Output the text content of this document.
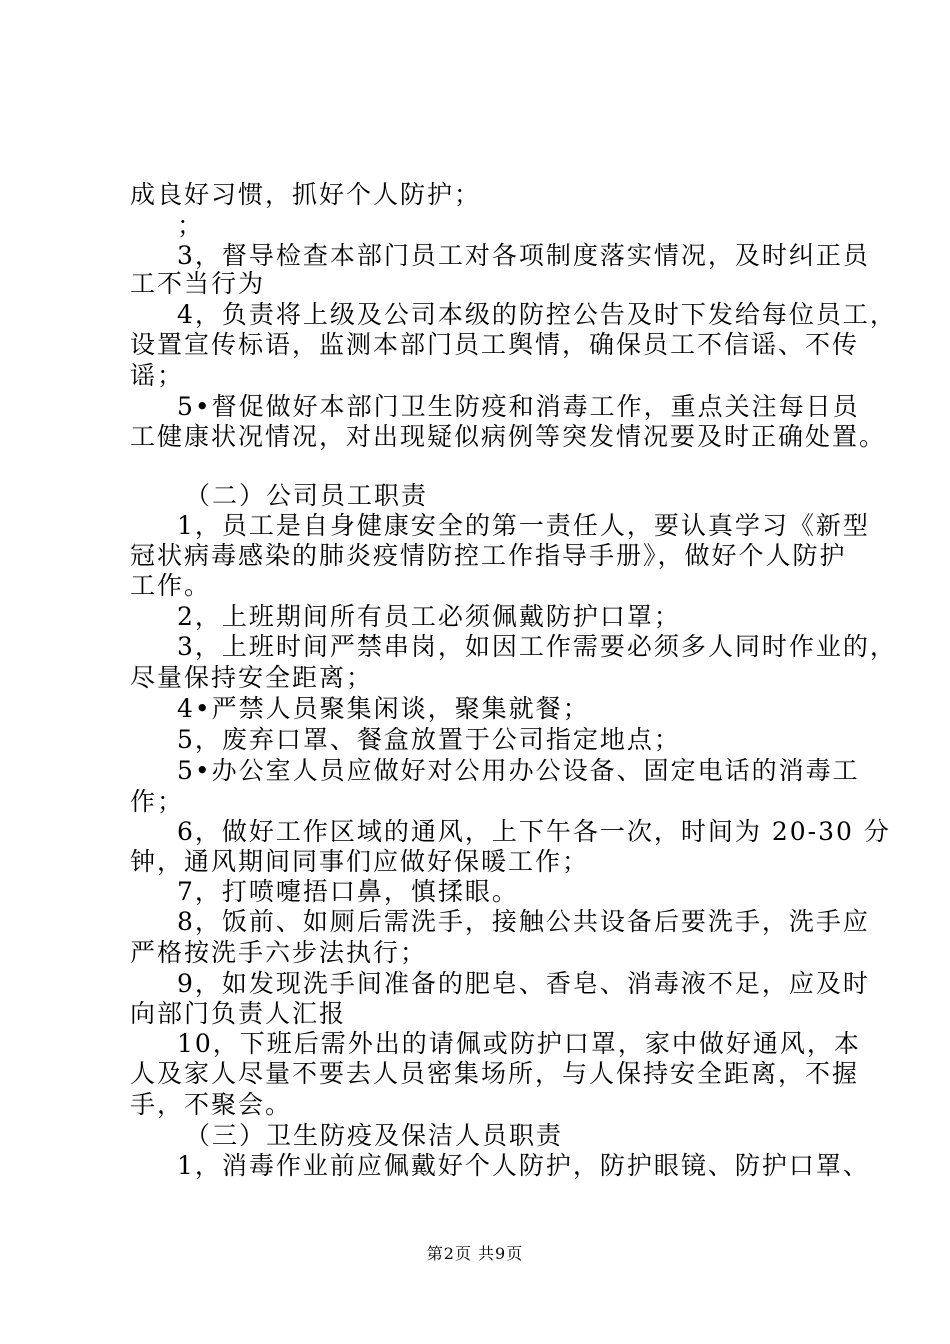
成良好习惯，抓好个人防护；
；
3，督导检查本部门员工对各项制度落实情况，及时纠正员
工不当行为
4，负责将上级及公司本级的防控公告及时下发给每位员工，
设置宣传标语，监测本部门员工舆情，确保员工不信谣、不传
谣；
5•督促做好本部门卫生防疫和消毒工作，重点关注每日员
工健康状况情况，对出现疑似病例等突发情况要及时正确处置。
（二）公司员工职责
1，员工是自身健康安全的第一责任人，要认真学习《新型
冠状病毒感染的肺炎疫情防控工作指导手册》，做好个人防护
工作。
2，上班期间所有员工必须佩戴防护口罩；
3，上班时间严禁串岗，如因工作需要必须多人同时作业的，
尽量保持安全距离；
4•严禁人员聚集闲谈，聚集就餐；
5，废弃口罩、餐盒放置于公司指定地点；
5•办公室人员应做好对公用办公设备、固定电话的消毒工
作；
6，做好工作区域的通风，上下午各一次，时间为 20-30 分
钟，通风期间同事们应做好保暖工作；
7，打喷嚏捂口鼻，慎揉眼。
8，饭前、如厕后需洗手，接触公共设备后要洗手，洗手应
严格按洗手六步法执行；
9，如发现洗手间准备的肥皂、香皂、消毒液不足，应及时
向部门负责人汇报
10，下班后需外出的请佩或防护口罩，家中做好通风，本
人及家人尽量不要去人员密集场所，与人保持安全距离，不握
手，不聚会。
（三）卫生防疫及保洁人员职责
1，消毒作业前应佩戴好个人防护，防护眼镜、防护口罩、
第2页 共9页
